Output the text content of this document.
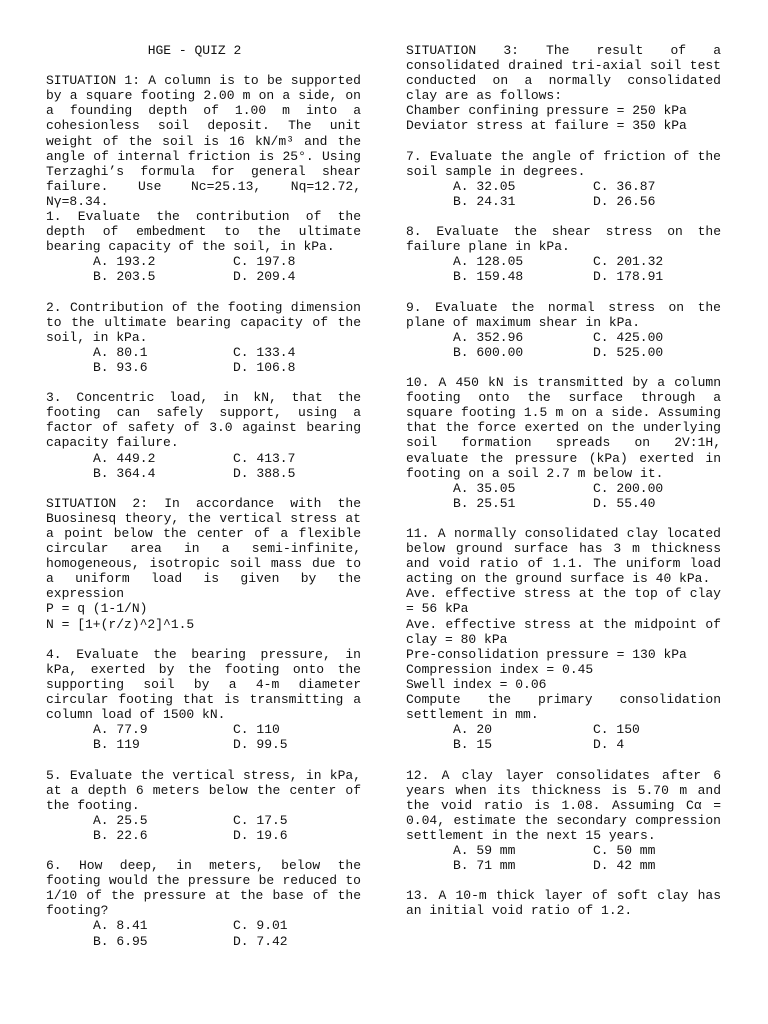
HGE - QUIZ 2

SITUATION 1: A column is to be supported by a square footing 2.00 m on a side, on a founding depth of 1.00 m into a cohesionless soil deposit. The unit weight of the soil is 16 kN/m³ and the angle of internal friction is 25°. Using Terzaghi’s formula for general shear failure. Use Nc=25.13, Nq=12.72, Nγ=8.34.

1. Evaluate the contribution of the depth of embedment to the ultimate bearing capacity of the soil, in kPa.

A. 193.2	C. 197.8
B. 203.5	D. 209.4

2. Contribution of the footing dimension to the ultimate bearing capacity of the soil, in kPa.

A. 80.1	C. 133.4
B. 93.6	D. 106.8

3. Concentric load, in kN, that the footing can safely support, using a factor of safety of 3.0 against bearing capacity failure.

A. 449.2	C. 413.7
B. 364.4	D. 388.5

SITUATION 2: In accordance with the Buosinesq theory, the vertical stress at a point below the center of a flexible circular area in a semi-infinite, homogeneous, isotropic soil mass due to a uniform load is given by the expression

P = q (1-1/N)

N = [1+(r/z)^2]^1.5

4. Evaluate the bearing pressure, in kPa, exerted by the footing onto the supporting soil by a 4-m diameter circular footing that is transmitting a column load of 1500 kN.

A. 77.9	C. 110
B. 119	D. 99.5

5. Evaluate the vertical stress, in kPa, at a depth 6 meters below the center of the footing.

A. 25.5	C. 17.5
B. 22.6	D. 19.6

6. How deep, in meters, below the footing would the pressure be reduced to 1/10 of the pressure at the base of the footing?

A. 8.41	C. 9.01
B. 6.95	D. 7.42

SITUATION 3: The result of a consolidated drained tri-axial soil test conducted on a normally consolidated clay are as follows:

Chamber confining pressure = 250 kPa

Deviator stress at failure = 350 kPa

7. Evaluate the angle of friction of the soil sample in degrees.

A. 32.05	C. 36.87
B. 24.31	D. 26.56

8. Evaluate the shear stress on the failure plane in kPa.

A. 128.05	C. 201.32
B. 159.48	D. 178.91

9. Evaluate the normal stress on the plane of maximum shear in kPa.

A. 352.96	C. 425.00
B. 600.00	D. 525.00

10. A 450 kN is transmitted by a column footing onto the surface through a square footing 1.5 m on a side. Assuming that the force exerted on the underlying soil formation spreads on 2V:1H, evaluate the pressure (kPa) exerted in footing on a soil 2.7 m below it.

A. 35.05	C. 200.00
B. 25.51	D. 55.40

11. A normally consolidated clay located below ground surface has 3 m thickness and void ratio of 1.1. The uniform load acting on the ground surface is 40 kPa.

Ave. effective stress at the top of clay = 56 kPa

Ave. effective stress at the midpoint of clay = 80 kPa

Pre-consolidation pressure = 130 kPa

Compression index = 0.45

Swell index = 0.06

Compute the primary consolidation settlement in mm.

A. 20	C. 150
B. 15	D. 4

12. A clay layer consolidates after 6 years when its thickness is 5.70 m and the void ratio is 1.08. Assuming Cα = 0.04, estimate the secondary compression settlement in the next 15 years.

A. 59 mm	C. 50 mm
B. 71 mm	D. 42 mm

13. A 10-m thick layer of soft clay has an initial void ratio of 1.2.
